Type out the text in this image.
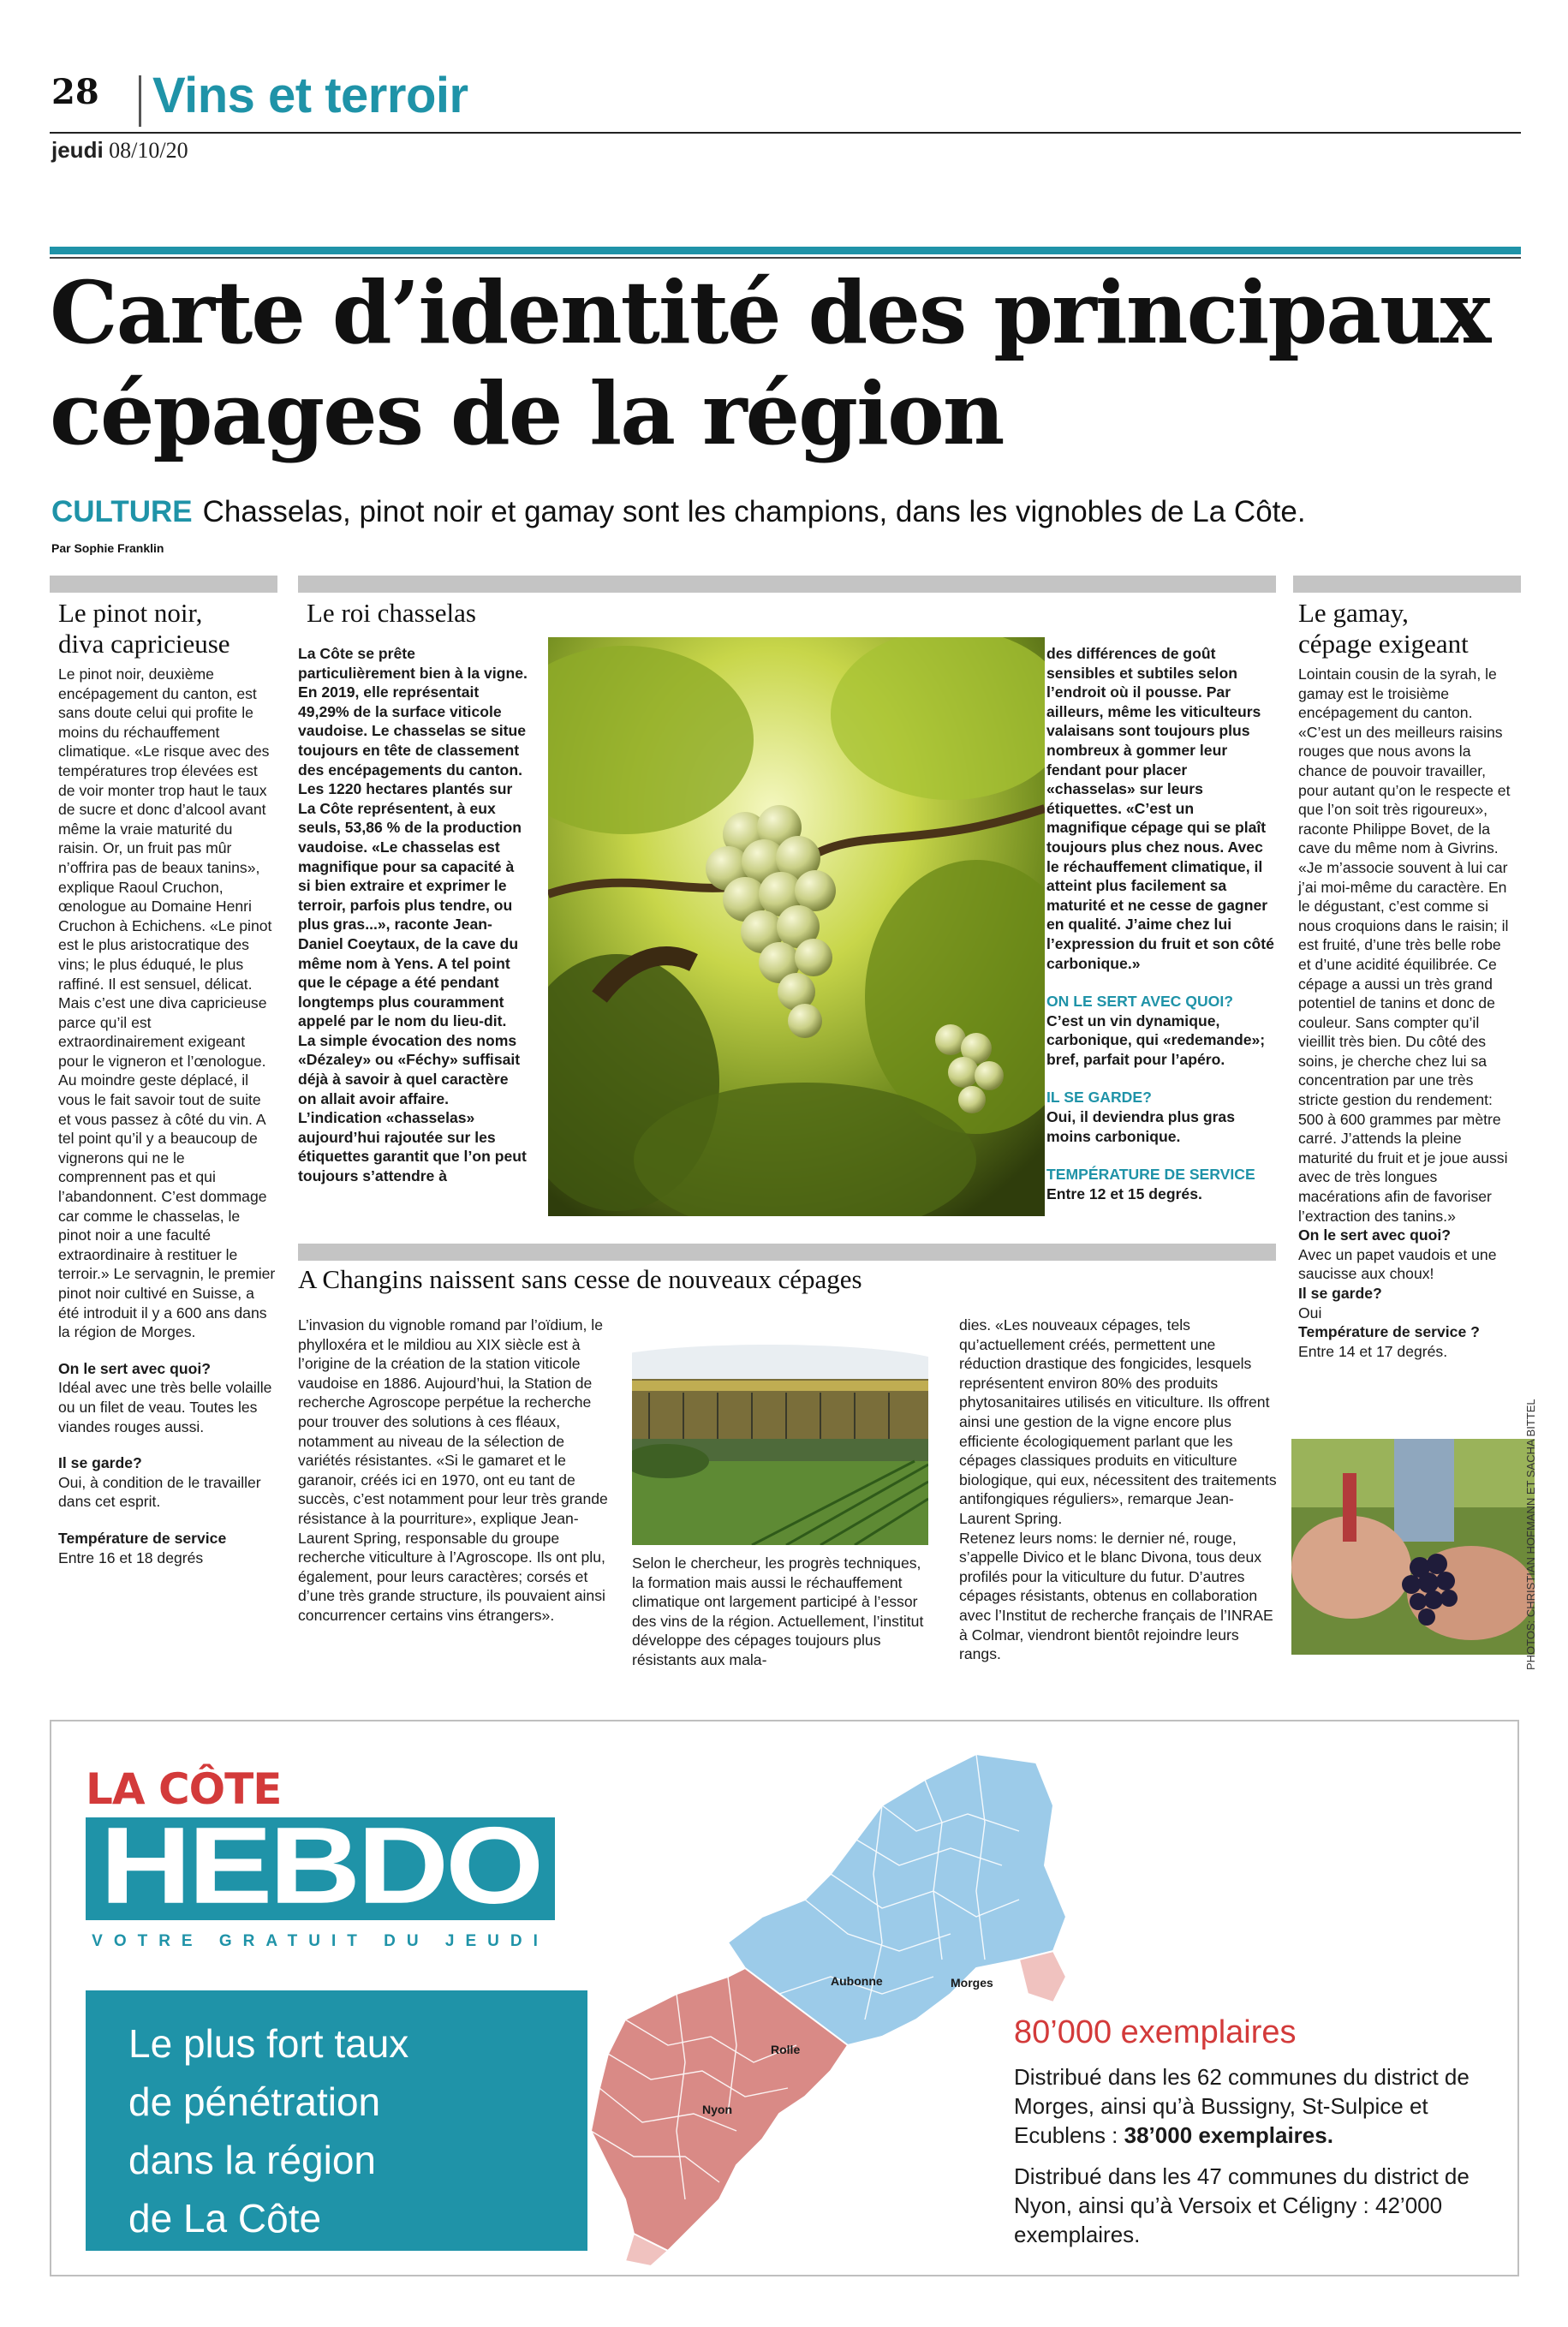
28 Vins et terroir
jeudi 08/10/20
Carte d’identité des principaux
cépages de la région
CULTURE Chasselas, pinot noir et gamay sont les champions, dans les vignobles de La Côte.
Par Sophie Franklin
Le pinot noir,
diva capricieuse

Le pinot noir, deuxième encépagement du canton, est sans doute celui qui profite le moins du réchauffement climatique. «Le risque avec des températures trop élevées est de voir monter trop haut le taux de sucre et donc d’alcool avant même la vraie maturité du raisin. Or, un fruit pas mûr n’offrira pas de beaux tanins», explique Raoul Cruchon, œnologue au Domaine Henri Cruchon à Echichens. «Le pinot est le plus aristocratique des vins; le plus éduqué, le plus raffiné. Il est sensuel, délicat. Mais c’est une diva capricieuse parce qu’il est extraordinairement exigeant pour le vigneron et l’œnologue. Au moindre geste déplacé, il vous le fait savoir tout de suite et vous passez à côté du vin. A tel point qu’il y a beaucoup de vignerons qui ne le comprennent pas et qui l’abandonnent. C’est dommage car comme le chasselas, le pinot noir a une faculté extraordinaire à restituer le terroir.» Le servagnin, le premier pinot noir cultivé en Suisse, a été introduit il y a 600 ans dans la région de Morges.

On le sert avec quoi?

Idéal avec une très belle volaille ou un filet de veau. Toutes les viandes rouges aussi.

Il se garde?

Oui, à condition de le travailler dans cet esprit.

Température de service

Entre 16 et 18 degrés

Le roi chasselas

La Côte se prête particulièrement bien à la vigne. En 2019, elle représentait 49,29% de la surface viticole vaudoise. Le chasselas se situe toujours en tête de classement des encépagements du canton. Les 1220 hectares plantés sur La Côte représentent, à eux seuls, 53,86 % de la production vaudoise. «Le chasselas est magnifique pour sa capacité à si bien extraire et exprimer le terroir, parfois plus tendre, ou plus gras...», raconte Jean-Daniel Coeytaux, de la cave du même nom à Yens. A tel point que le cépage a été pendant longtemps plus couramment appelé par le nom du lieu-dit. La simple évocation des noms «Dézaley» ou «Féchy» suffisait déjà à savoir à quel caractère on allait avoir affaire. L’indication «chasselas» aujourd’hui rajoutée sur les étiquettes garantit que l’on peut toujours s’attendre à

des différences de goût sensibles et subtiles selon l’endroit où il pousse. Par ailleurs, même les viticulteurs valaisans sont toujours plus nombreux à gommer leur fendant pour placer «chasselas» sur leurs étiquettes. «C’est un magnifique cépage qui se plaît toujours plus chez nous. Avec le réchauffement climatique, il atteint plus facilement sa maturité et ne cesse de gagner en qualité. J’aime chez lui l’expression du fruit et son côté carbonique.»

ON LE SERT AVEC QUOI?

C’est un vin dynamique, carbonique, qui «redemande»; bref, parfait pour l’apéro.

IL SE GARDE?

Oui, il deviendra plus gras moins carbonique.

TEMPÉRATURE DE SERVICE

Entre 12 et 15 degrés.

Le gamay,
cépage exigeant

Lointain cousin de la syrah, le gamay est le troisième encépagement du canton. «C’est un des meilleurs raisins rouges que nous avons la chance de pouvoir travailler, pour autant qu’on le respecte et que l’on soit très rigoureux», raconte Philippe Bovet, de la cave du même nom à Givrins. «Je m’associe souvent à lui car j’ai moi-même du caractère. En le dégustant, c’est comme si nous croquions dans le raisin; il est fruité, d’une très belle robe et d’une acidité équilibrée. Ce cépage a aussi un très grand potentiel de tanins et donc de couleur. Sans compter qu’il vieillit très bien. Du côté des soins, je cherche chez lui sa concentration par une très stricte gestion du rendement: 500 à 600 grammes par mètre carré. J’attends la pleine maturité du fruit et je joue aussi avec de très longues macérations afin de favoriser l’extraction des tanins.»

On le sert avec quoi?

Avec un papet vaudois et une saucisse aux choux!

Il se garde?

Oui

Température de service ?

Entre 14 et 17 degrés.

PHOTOS: CHRISTIAN HOFMANN ET SACHA BITTEL
A Changins naissent sans cesse de nouveaux cépages

L’invasion du vignoble romand par l’oïdium, le phylloxéra et le mildiou au XIX siècle est à l’origine de la création de la station viticole vaudoise en 1886. Aujourd’hui, la Station de recherche Agroscope perpétue la recherche pour trouver des solutions à ces fléaux, notamment au niveau de la sélection de variétés résistantes. «Si le gamaret et le garanoir, créés ici en 1970, ont eu tant de succès, c’est notamment pour leur très grande résistance à la pourriture», explique Jean-Laurent Spring, responsable du groupe recherche viticulture à l’Agroscope. Ils ont plu, également, pour leurs caractères; corsés et d’une très grande structure, ils pouvaient ainsi concurrencer certains vins étrangers».

Selon le chercheur, les progrès techniques, la formation mais aussi le réchauffement climatique ont largement participé à l’essor des vins de la région. Actuellement, l’institut développe des cépages toujours plus résistants aux mala-

dies. «Les nouveaux cépages, tels qu’actuellement créés, permettent une réduction drastique des fongicides, lesquels représentent environ 80% des produits phytosanitaires utilisés en viticulture. Ils offrent ainsi une gestion de la vigne encore plus efficiente écologiquement parlant que les cépages classiques produits en viticulture biologique, qui eux, nécessitent des traitements antifongiques réguliers», remarque Jean-Laurent Spring.

Retenez leurs noms: le dernier né, rouge, s’appelle Divico et le blanc Divona, tous deux profilés pour la viticulture du futur. D’autres cépages résistants, obtenus en collaboration avec l’Institut de recherche français de l’INRAE à Colmar, viendront bientôt rejoindre leurs rangs.

LA CÔTE
HEBDO
VOTRE GRATUIT DU JEUDI
Le plus fort taux
de pénétration
dans la région
de La Côte
Morges
Aubonne
Rolle
Nyon
80’000 exemplaires

Distribué dans les 62 communes du district de Morges, ainsi qu’à Bussigny, St-Sulpice et Ecublens : 38’000 exemplaires.

Distribué dans les 47 communes du district de Nyon, ainsi qu’à Versoix et Céligny : 42’000 exemplaires.
